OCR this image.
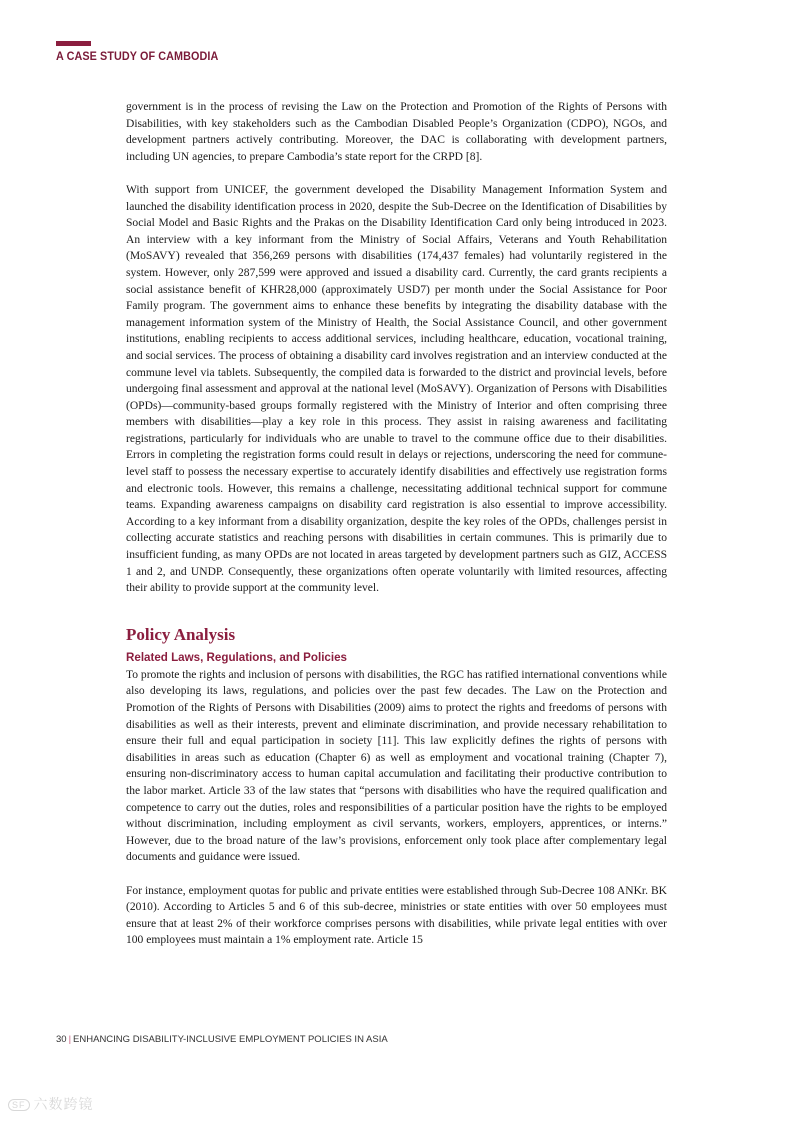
A CASE STUDY OF CAMBODIA

government is in the process of revising the Law on the Protection and Promotion of the Rights of Persons with Disabilities, with key stakeholders such as the Cambodian Disabled People’s Organization (CDPO), NGOs, and development partners actively contributing. Moreover, the DAC is collaborating with development partners, including UN agencies, to prepare Cambodia’s state report for the CRPD [8].

With support from UNICEF, the government developed the Disability Management Information System and launched the disability identification process in 2020, despite the Sub-Decree on the Identification of Disabilities by Social Model and Basic Rights and the Prakas on the Disability Identification Card only being introduced in 2023. An interview with a key informant from the Ministry of Social Affairs, Veterans and Youth Rehabilitation (MoSAVY) revealed that 356,269 persons with disabilities (174,437 females) had voluntarily registered in the system. However, only 287,599 were approved and issued a disability card. Currently, the card grants recipients a social assistance benefit of KHR28,000 (approximately USD7) per month under the Social Assistance for Poor Family program. The government aims to enhance these benefits by integrating the disability database with the management information system of the Ministry of Health, the Social Assistance Council, and other government institutions, enabling recipients to access additional services, including healthcare, education, vocational training, and social services. The process of obtaining a disability card involves registration and an interview conducted at the commune level via tablets. Subsequently, the compiled data is forwarded to the district and provincial levels, before undergoing final assessment and approval at the national level (MoSAVY). Organization of Persons with Disabilities (OPDs)—community-based groups formally registered with the Ministry of Interior and often comprising three members with disabilities—play a key role in this process. They assist in raising awareness and facilitating registrations, particularly for individuals who are unable to travel to the commune office due to their disabilities. Errors in completing the registration forms could result in delays or rejections, underscoring the need for commune-level staff to possess the necessary expertise to accurately identify disabilities and effectively use registration forms and electronic tools. However, this remains a challenge, necessitating additional technical support for commune teams. Expanding awareness campaigns on disability card registration is also essential to improve accessibility. According to a key informant from a disability organization, despite the key roles of the OPDs, challenges persist in collecting accurate statistics and reaching persons with disabilities in certain communes. This is primarily due to insufficient funding, as many OPDs are not located in areas targeted by development partners such as GIZ, ACCESS 1 and 2, and UNDP. Consequently, these organizations often operate voluntarily with limited resources, affecting their ability to provide support at the community level.

Policy Analysis
Related Laws, Regulations, and Policies

To promote the rights and inclusion of persons with disabilities, the RGC has ratified international conventions while also developing its laws, regulations, and policies over the past few decades. The Law on the Protection and Promotion of the Rights of Persons with Disabilities (2009) aims to protect the rights and freedoms of persons with disabilities as well as their interests, prevent and eliminate discrimination, and provide necessary rehabilitation to ensure their full and equal participation in society [11]. This law explicitly defines the rights of persons with disabilities in areas such as education (Chapter 6) as well as employment and vocational training (Chapter 7), ensuring non-discriminatory access to human capital accumulation and facilitating their productive contribution to the labor market. Article 33 of the law states that “persons with disabilities who have the required qualification and competence to carry out the duties, roles and responsibilities of a particular position have the rights to be employed without discrimination, including employment as civil servants, workers, employers, apprentices, or interns.” However, due to the broad nature of the law’s provisions, enforcement only took place after complementary legal documents and guidance were issued.

For instance, employment quotas for public and private entities were established through Sub-Decree 108 ANKr. BK (2010). According to Articles 5 and 6 of this sub-decree, ministries or state entities with over 50 employees must ensure that at least 2% of their workforce comprises persons with disabilities, while private legal entities with over 100 employees must maintain a 1% employment rate. Article 15

30 | ENHANCING DISABILITY-INCLUSIVE EMPLOYMENT POLICIES IN ASIA
SF 六数跨镜
